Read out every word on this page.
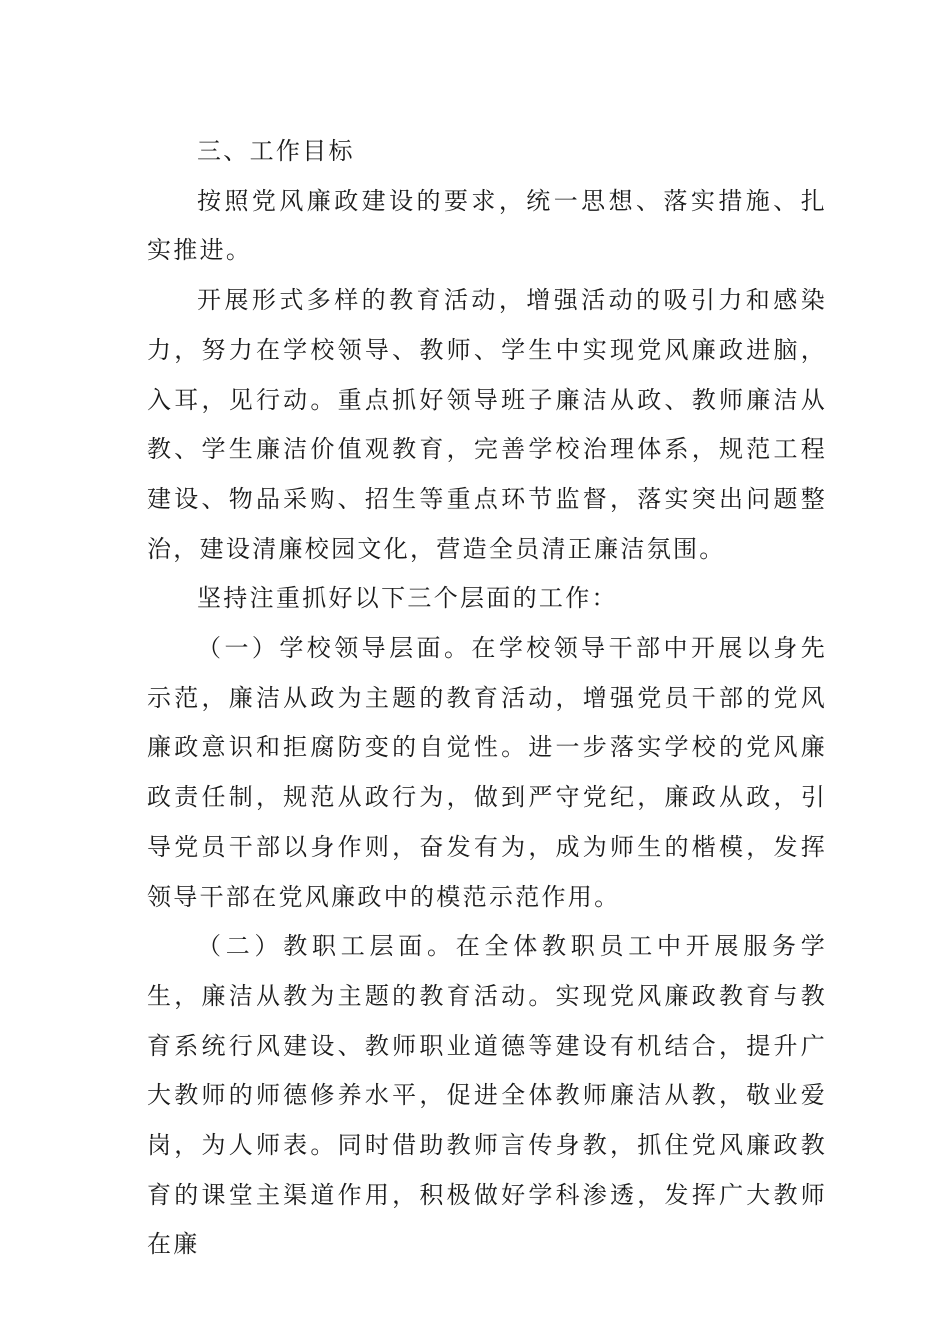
三、工作目标

按照党风廉政建设的要求，统一思想、落实措施、扎实推进。

开展形式多样的教育活动，增强活动的吸引力和感染力，努力在学校领导、教师、学生中实现党风廉政进脑，入耳，见行动。重点抓好领导班子廉洁从政、教师廉洁从教、学生廉洁价值观教育，完善学校治理体系，规范工程建设、物品采购、招生等重点环节监督，落实突出问题整治，建设清廉校园文化，营造全员清正廉洁氛围。

坚持注重抓好以下三个层面的工作：

（一）学校领导层面。在学校领导干部中开展以身先示范，廉洁从政为主题的教育活动，增强党员干部的党风廉政意识和拒腐防变的自觉性。进一步落实学校的党风廉政责任制，规范从政行为，做到严守党纪，廉政从政，引导党员干部以身作则，奋发有为，成为师生的楷模，发挥领导干部在党风廉政中的模范示范作用。

（二）教职工层面。在全体教职员工中开展服务学生，廉洁从教为主题的教育活动。实现党风廉政教育与教育系统行风建设、教师职业道德等建设有机结合，提升广大教师的师德修养水平，促进全体教师廉洁从教，敬业爱岗，为人师表。同时借助教师言传身教，抓住党风廉政教育的课堂主渠道作用，积极做好学科渗透，发挥广大教师在廉
